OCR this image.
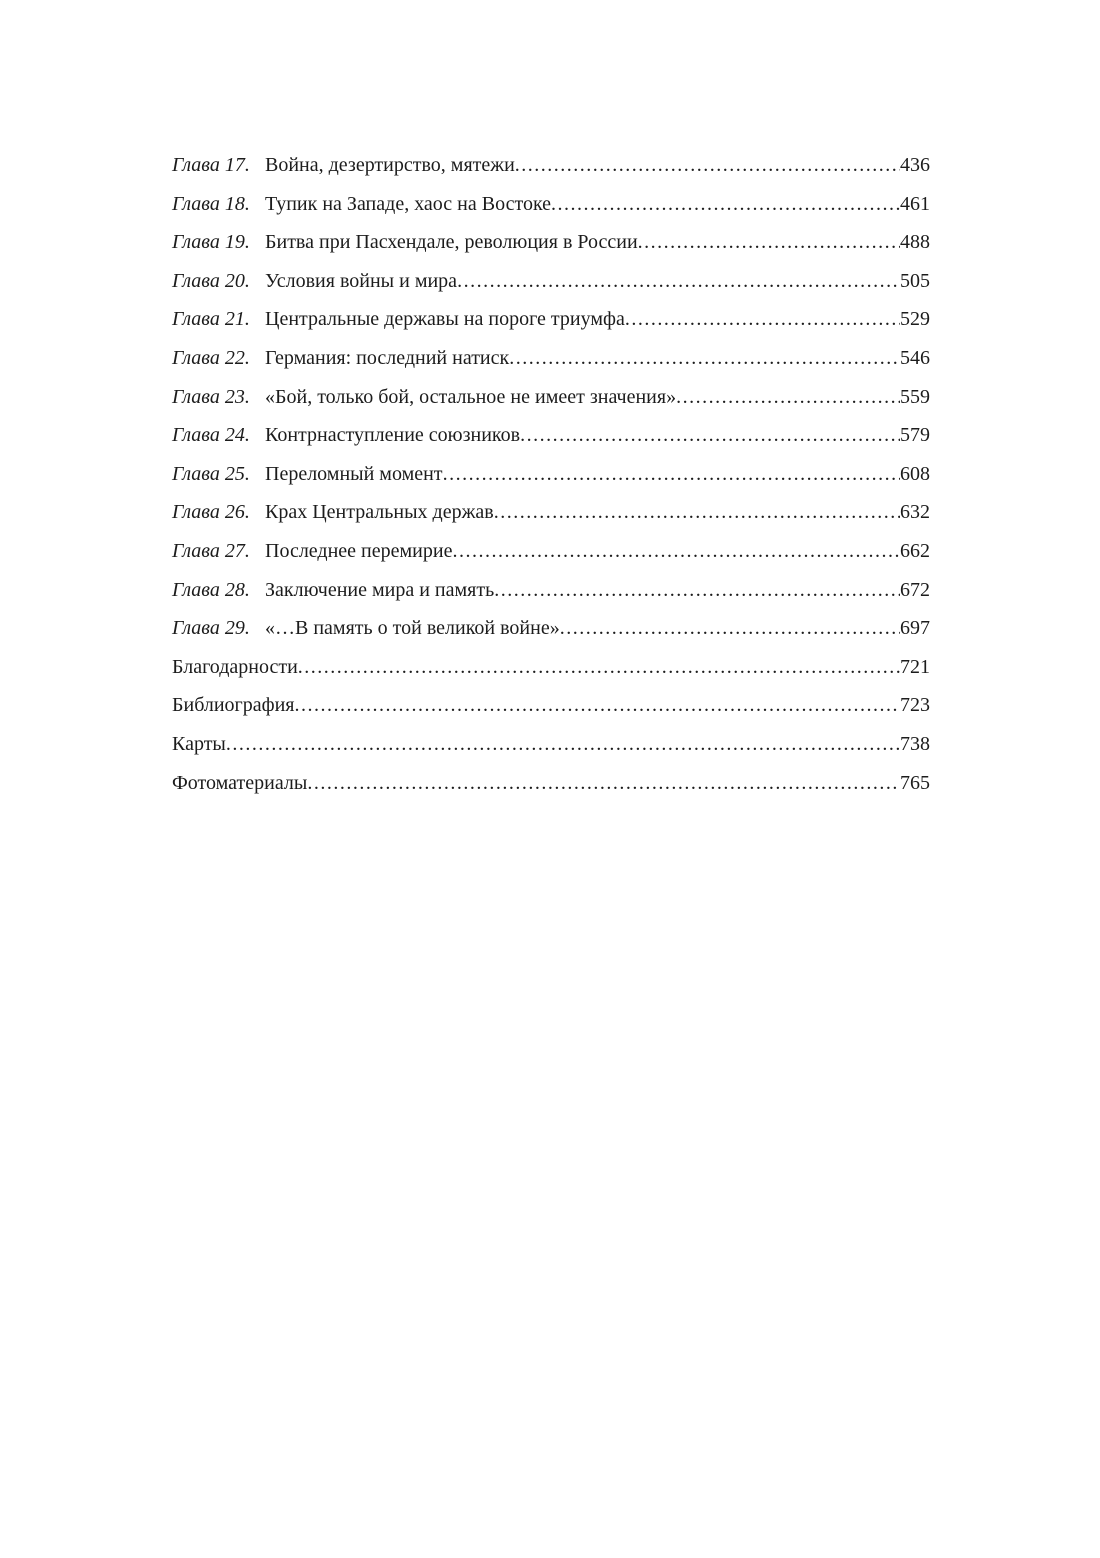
Глава 17. Война, дезертирство, мятежи .....	436
Глава 18. Тупик на Западе, хаос на Востоке .....	461
Глава 19. Битва при Пасхендале, революция в России .....	488
Глава 20. Условия войны и мира .....	505
Глава 21. Центральные державы на пороге триумфа .....	529
Глава 22. Германия: последний натиск .....	546
Глава 23. «Бой, только бой, остальное не имеет значения» .....	559
Глава 24. Контрнаступление союзников .....	579
Глава 25. Переломный момент .....	608
Глава 26. Крах Центральных держав .....	632
Глава 27. Последнее перемирие .....	662
Глава 28. Заключение мира и память .....	672
Глава 29. «…В память о той великой войне» .....	697
Благодарности .....	721
Библиография .....	723
Карты .....	738
Фотоматериалы .....	765
